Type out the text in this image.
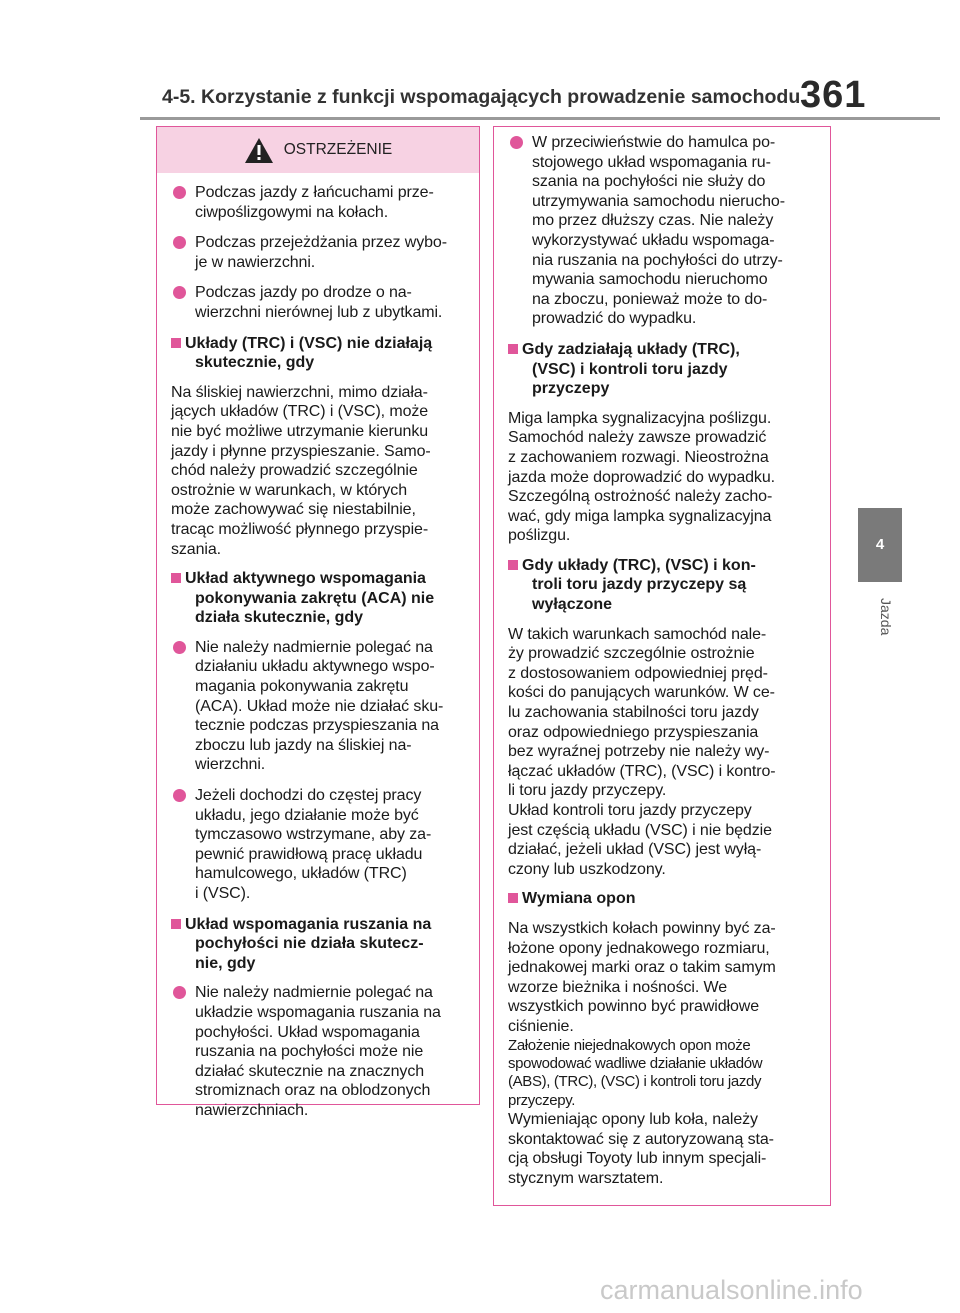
4-5. Korzystanie z funkcji wspomagających prowadzenie samochodu 361
4
Jazda
OSTRZEŻENIE
Podczas jazdy z łańcuchami prze-
ciwpoślizgowymi na kołach.
Podczas przejeżdżania przez wybo-
je w nawierzchni.
Podczas jazdy po drodze o na-
wierzchni nierównej lub z ubytkami.
Układy (TRC) i (VSC) nie działają
skutecznie, gdy
Na śliskiej nawierzchni, mimo działa-
jących układów (TRC) i (VSC), może
nie być możliwe utrzymanie kierunku
jazdy i płynne przyspieszanie. Samo-
chód należy prowadzić szczególnie
ostrożnie w warunkach, w których
może zachowywać się niestabilnie,
tracąc możliwość płynnego przyspie-
szania.
Układ aktywnego wspomagania
pokonywania zakrętu (ACA) nie
działa skutecznie, gdy
Nie należy nadmiernie polegać na
działaniu układu aktywnego wspo-
magania pokonywania zakrętu
(ACA). Układ może nie działać sku-
tecznie podczas przyspieszania na
zboczu lub jazdy na śliskiej na-
wierzchni.
Jeżeli dochodzi do częstej pracy
układu, jego działanie może być
tymczasowo wstrzymane, aby za-
pewnić prawidłową pracę układu
hamulcowego, układów (TRC)
i (VSC).
Układ wspomagania ruszania na
pochyłości nie działa skutecz-
nie, gdy
Nie należy nadmiernie polegać na
układzie wspomagania ruszania na
pochyłości. Układ wspomagania
ruszania na pochyłości może nie
działać skutecznie na znacznych
stromiznach oraz na oblodzonych
nawierzchniach.
W przeciwieństwie do hamulca po-
stojowego układ wspomagania ru-
szania na pochyłości nie służy do
utrzymywania samochodu nierucho-
mo przez dłuższy czas. Nie należy
wykorzystywać układu wspomaga-
nia ruszania na pochyłości do utrzy-
mywania samochodu nieruchomo
na zboczu, ponieważ może to do-
prowadzić do wypadku.
Gdy zadziałają układy (TRC),
(VSC) i kontroli toru jazdy
przyczepy
Miga lampka sygnalizacyjna poślizgu.
Samochód należy zawsze prowadzić
z zachowaniem rozwagi. Nieostrożna
jazda może doprowadzić do wypadku.
Szczególną ostrożność należy zacho-
wać, gdy miga lampka sygnalizacyjna
poślizgu.
Gdy układy (TRC), (VSC) i kon-
troli toru jazdy przyczepy są
wyłączone
W takich warunkach samochód nale-
ży prowadzić szczególnie ostrożnie
z dostosowaniem odpowiedniej pręd-
kości do panujących warunków. W ce-
lu zachowania stabilności toru jazdy
oraz odpowiedniego przyspieszania
bez wyraźnej potrzeby nie należy wy-
łączać układów (TRC), (VSC) i kontro-
li toru jazdy przyczepy.
Układ kontroli toru jazdy przyczepy
jest częścią układu (VSC) i nie będzie
działać, jeżeli układ (VSC) jest wyłą-
czony lub uszkodzony.
Wymiana opon
Na wszystkich kołach powinny być za-
łożone opony jednakowego rozmiaru,
jednakowej marki oraz o takim samym
wzorze bieżnika i nośności. We
wszystkich powinno być prawidłowe
ciśnienie.
Założenie niejednakowych opon może
spowodować wadliwe działanie układów
(ABS), (TRC), (VSC) i kontroli toru jazdy
przyczepy.
Wymieniając opony lub koła, należy
skontaktować się z autoryzowaną sta-
cją obsługi Toyoty lub innym specjali-
stycznym warsztatem.
carmanualsonline.info
